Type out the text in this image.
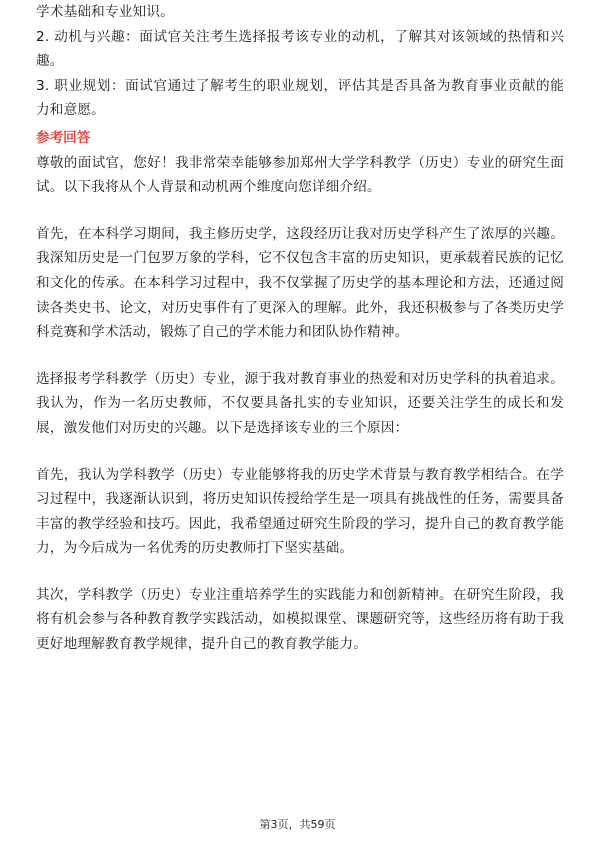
学术基础和专业知识。

2. 动机与兴趣：面试官关注考生选择报考该专业的动机，了解其对该领域的热情和兴趣。

3. 职业规划：面试官通过了解考生的职业规划，评估其是否具备为教育事业贡献的能力和意愿。

参考回答

尊敬的面试官，您好！我非常荣幸能够参加郑州大学学科教学（历史）专业的研究生面试。以下我将从个人背景和动机两个维度向您详细介绍。

首先，在本科学习期间，我主修历史学，这段经历让我对历史学科产生了浓厚的兴趣。我深知历史是一门包罗万象的学科，它不仅包含丰富的历史知识，更承载着民族的记忆和文化的传承。在本科学习过程中，我不仅掌握了历史学的基本理论和方法，还通过阅读各类史书、论文，对历史事件有了更深入的理解。此外，我还积极参与了各类历史学科竞赛和学术活动，锻炼了自己的学术能力和团队协作精神。

选择报考学科教学（历史）专业，源于我对教育事业的热爱和对历史学科的执着追求。我认为，作为一名历史教师，不仅要具备扎实的专业知识，还要关注学生的成长和发展，激发他们对历史的兴趣。以下是选择该专业的三个原因：

首先，我认为学科教学（历史）专业能够将我的历史学术背景与教育教学相结合。在学习过程中，我逐渐认识到，将历史知识传授给学生是一项具有挑战性的任务，需要具备丰富的教学经验和技巧。因此，我希望通过研究生阶段的学习，提升自己的教育教学能力，为今后成为一名优秀的历史教师打下坚实基础。

其次，学科教学（历史）专业注重培养学生的实践能力和创新精神。在研究生阶段，我将有机会参与各种教育教学实践活动，如模拟课堂、课题研究等，这些经历将有助于我更好地理解教育教学规律，提升自己的教育教学能力。

第3页，共59页
